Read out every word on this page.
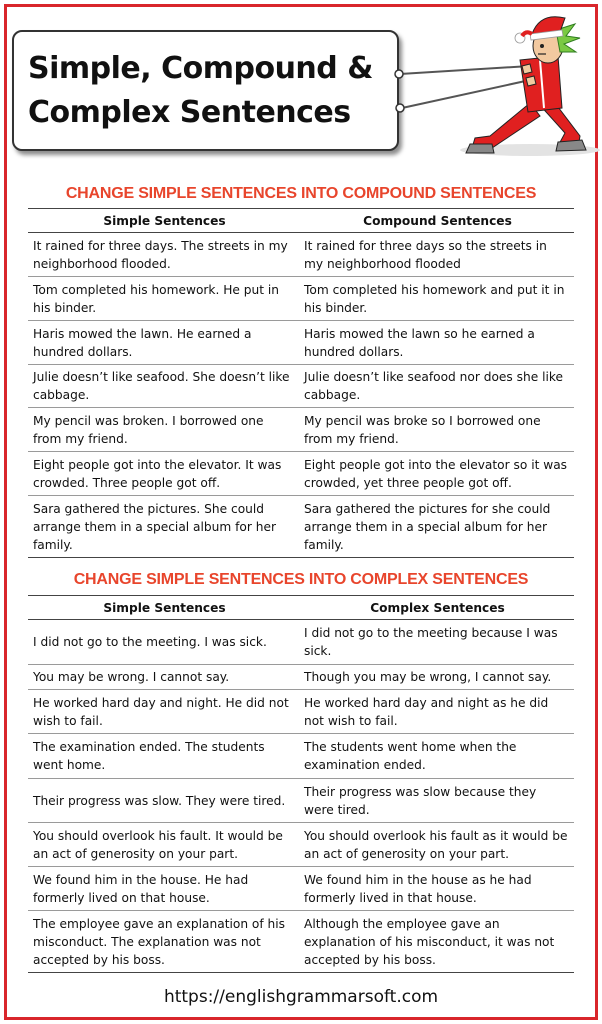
Simple, Compound &
Complex Sentences
CHANGE SIMPLE SENTENCES INTO COMPOUND SENTENCES
Simple Sentences	Compound Sentences
It rained for three days. The streets in my neighborhood flooded.	It rained for three days so the streets in my neighborhood flooded
Tom completed his homework. He put in his binder.	Tom completed his homework and put it in his binder.
Haris mowed the lawn. He earned a hundred dollars.	Haris mowed the lawn so he earned a hundred dollars.
Julie doesn’t like seafood. She doesn’t like cabbage.	Julie doesn’t like seafood nor does she like cabbage.
My pencil was broken. I borrowed one from my friend.	My pencil was broke so I borrowed one from my friend.
Eight people got into the elevator. It was crowded. Three people got off.	Eight people got into the elevator so it was crowded, yet three people got off.
Sara gathered the pictures. She could arrange them in a special album for her family.	Sara gathered the pictures for she could arrange them in a special album for her family.
CHANGE SIMPLE SENTENCES INTO COMPLEX SENTENCES
Simple Sentences	Complex Sentences
I did not go to the meeting. I was sick.	I did not go to the meeting because I was sick.
You may be wrong. I cannot say.	Though you may be wrong, I cannot say.
He worked hard day and night. He did not wish to fail.	He worked hard day and night as he did not wish to fail.
The examination ended. The students went home.	The students went home when the examination ended.
Their progress was slow. They were tired.	Their progress was slow because they were tired.
You should overlook his fault. It would be an act of generosity on your part.	You should overlook his fault as it would be an act of generosity on your part.
We found him in the house. He had formerly lived on that house.	We found him in the house as he had formerly lived in that house.
The employee gave an explanation of his misconduct. The explanation was not accepted by his boss.	Although the employee gave an explanation of his misconduct, it was not accepted by his boss.
https://englishgrammarsoft.com
